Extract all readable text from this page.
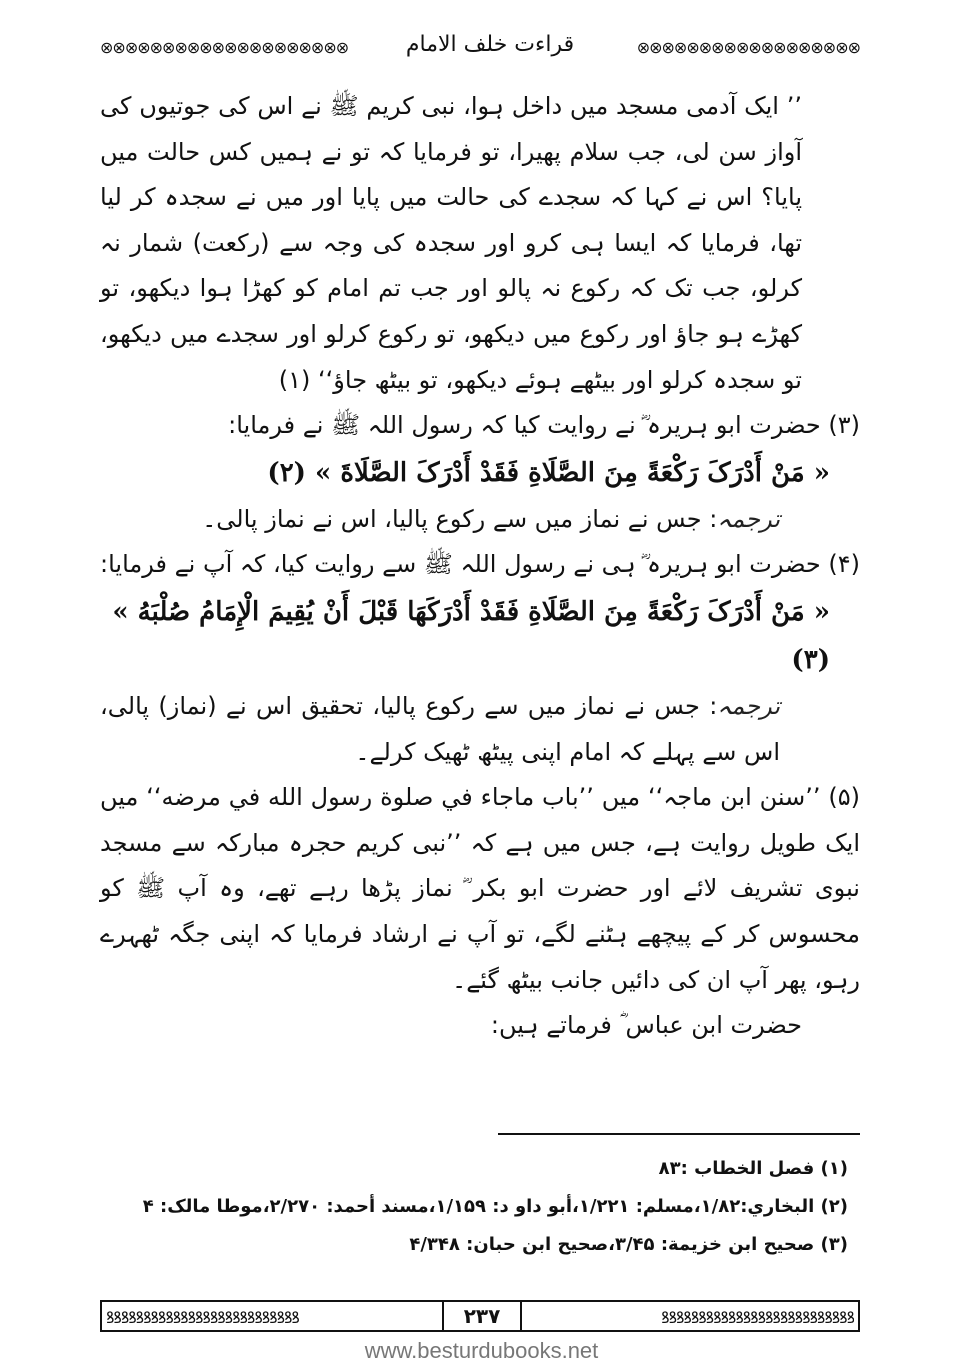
⊗⊗⊗⊗⊗⊗⊗⊗⊗⊗⊗⊗⊗⊗⊗⊗⊗⊗⊗⊗	قراءت خلف الامام	⊗⊗⊗⊗⊗⊗⊗⊗⊗⊗⊗⊗⊗⊗⊗⊗⊗⊗

’’ ایک آدمی مسجد میں داخل ہوا، نبی کریم ﷺ نے اس کی جوتیوں کی آواز سن لی، جب سلام پھیرا، تو فرمایا کہ تو نے ہمیں کس حالت میں پایا؟ اس نے کہا کہ سجدے کی حالت میں پایا اور میں نے سجدہ کر لیا تھا، فرمایا کہ ایسا ہی کرو اور سجدہ کی وجہ سے (رکعت) شمار نہ کرلو، جب تک کہ رکوع نہ پالو اور جب تم امام کو کھڑا ہوا دیکھو، تو کھڑے ہو جاؤ اور رکوع میں دیکھو، تو رکوع کرلو اور سجدے میں دیکھو، تو سجدہ کرلو اور بیٹھے ہوئے دیکھو، تو بیٹھ جاؤ‘‘ (۱)

(۳) حضرت ابو ہریرہ ؓ نے روایت کیا کہ رسول اللہ ﷺ نے فرمایا:

« مَنْ أَدْرَکَ رَکْعَةً مِنَ الصَّلَاةِ فَقَدْ أَدْرَکَ الصَّلَاةَ » (۲)

ترجمہ: جس نے نماز میں سے رکوع پالیا، اس نے نماز پالی۔

(۴) حضرت ابو ہریرہ ؓ ہی نے رسول اللہ ﷺ سے روایت کیا، کہ آپ نے فرمایا:

« مَنْ أَدْرَکَ رَکْعَةً مِنَ الصَّلَاةِ فَقَدْ أَدْرَکَهَا قَبْلَ أَنْ يُقِيمَ الْإِمَامُ صُلْبَهُ » (۳)

ترجمہ: جس نے نماز میں سے رکوع پالیا، تحقیق اس نے (نماز) پالی، اس سے پہلے کہ امام اپنی پیٹھ ٹھیک کرلے۔

(۵) ’’سنن ابن ماجہ‘‘ میں ’’باب ماجاء في صلوة رسول الله في مرضه‘‘ میں ایک طویل روایت ہے، جس میں ہے کہ ’’نبی کریم حجرہ مبارکہ سے مسجد نبوی تشریف لائے اور حضرت ابو بکر ؓ نماز پڑھا رہے تھے، وہ آپ ﷺ کو محسوس کر کے پیچھے ہٹنے لگے، تو آپ نے ارشاد فرمایا کہ اپنی جگہ ٹھہرے رہو، پھر آپ ان کی دائیں جانب بیٹھ گئے۔

حضرت ابن عباس ؓ فرماتے ہیں:

(۱) فصل الخطاب :۸۳

(۲) البخاري:۱/۸۲،مسلم: ۱/۲۲۱،أبو داو د: ۱/۱۵۹،مسند أحمد: ۲/۲۷۰،موطا مالک: ۴

(۳) صحيح ابن خزيمة: ۳/۴۵،صحيح ابن حبان: ۴/۳۴۸

ꝸꝸꝸꝸꝸꝸꝸꝸꝸꝸꝸꝸꝸꝸꝸꝸꝸꝸꝸꝸꝸꝸꝸꝸꝸꝸ	۲۳۷	ꝸꝸꝸꝸꝸꝸꝸꝸꝸꝸꝸꝸꝸꝸꝸꝸꝸꝸꝸꝸꝸꝸꝸꝸꝸꝸ
www.besturdubooks.net
